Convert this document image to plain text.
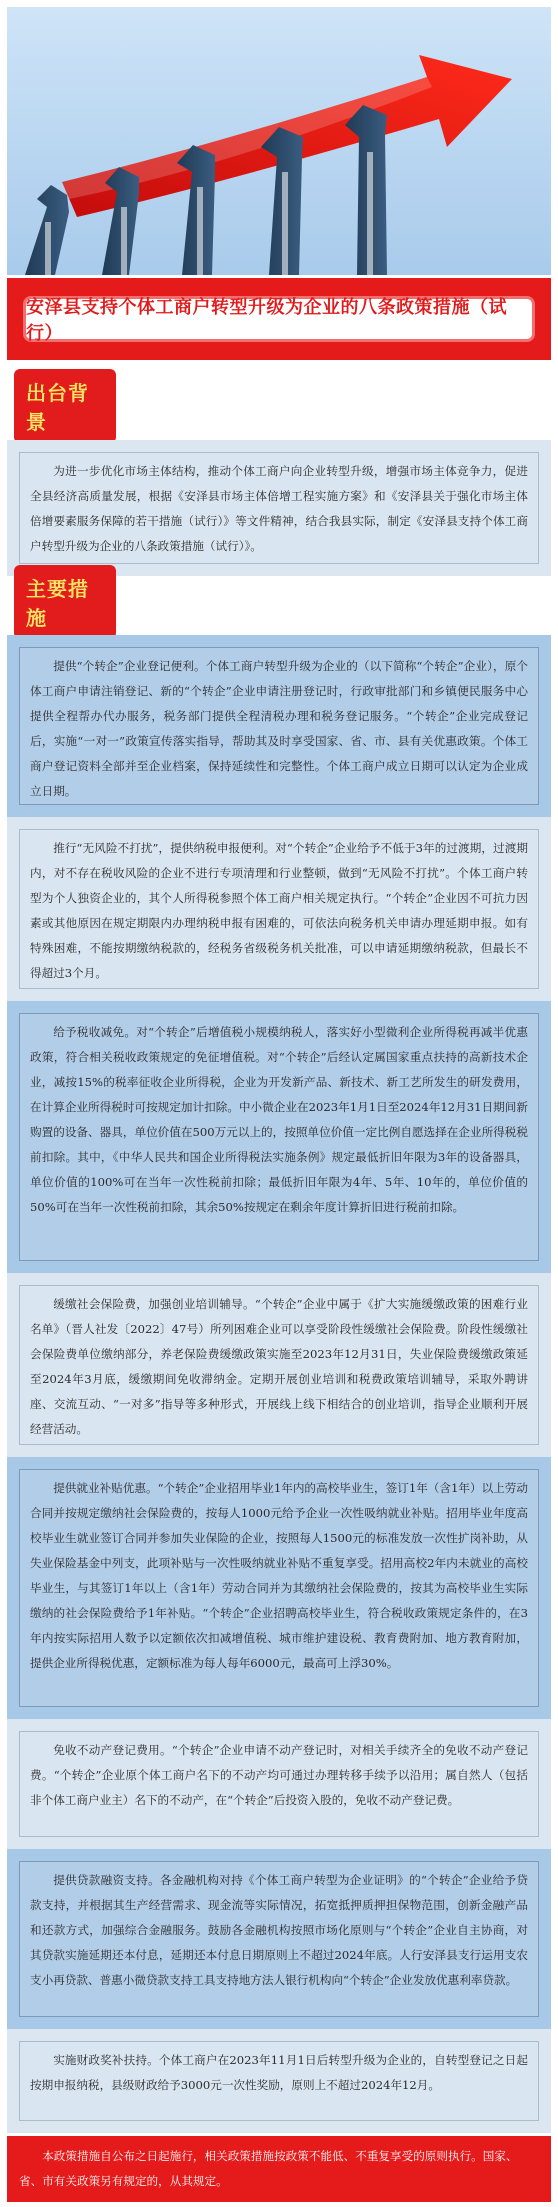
安泽县支持个体工商户转型升级为企业的八条政策措施（试行）
出台背景

为进一步优化市场主体结构，推动个体工商户向企业转型升级，增强市场主体竞争力，促进全县经济高质量发展，根据《安泽县市场主体倍增工程实施方案》和《安泽县关于强化市场主体倍增要素服务保障的若干措施（试行）》等文件精神，结合我县实际，制定《安泽县支持个体工商户转型升级为企业的八条政策措施（试行）》。

主要措施

提供“个转企”企业登记便利。个体工商户转型升级为企业的（以下简称“个转企”企业），原个体工商户申请注销登记、新的“个转企”企业申请注册登记时，行政审批部门和乡镇便民服务中心提供全程帮办代办服务，税务部门提供全程清税办理和税务登记服务。“个转企”企业完成登记后，实施“一对一”政策宣传落实指导，帮助其及时享受国家、省、市、县有关优惠政策。个体工商户登记资料全部并至企业档案，保持延续性和完整性。个体工商户成立日期可以认定为企业成立日期。

推行“无风险不打扰”，提供纳税申报便利。对“个转企”企业给予不低于3年的过渡期，过渡期内，对不存在税收风险的企业不进行专项清理和行业整顿，做到“无风险不打扰”。个体工商户转型为个人独资企业的，其个人所得税参照个体工商户相关规定执行。“个转企”企业因不可抗力因素或其他原因在规定期限内办理纳税申报有困难的，可依法向税务机关申请办理延期申报。如有特殊困难，不能按期缴纳税款的，经税务省级税务机关批准，可以申请延期缴纳税款，但最长不得超过3个月。

给予税收减免。对“个转企”后增值税小规模纳税人，落实好小型微利企业所得税再减半优惠政策，符合相关税收政策规定的免征增值税。对“个转企”后经认定属国家重点扶持的高新技术企业，减按15%的税率征收企业所得税，企业为开发新产品、新技术、新工艺所发生的研发费用，在计算企业所得税时可按规定加计扣除。中小微企业在2023年1月1日至2024年12月31日期间新购置的设备、器具，单位价值在500万元以上的，按照单位价值一定比例自愿选择在企业所得税税前扣除。其中，《中华人民共和国企业所得税法实施条例》规定最低折旧年限为3年的设备器具，单位价值的100%可在当年一次性税前扣除；最低折旧年限为4年、5年、10年的，单位价值的50%可在当年一次性税前扣除，其余50%按规定在剩余年度计算折旧进行税前扣除。

缓缴社会保险费，加强创业培训辅导。“个转企”企业中属于《扩大实施缓缴政策的困难行业名单》（晋人社发〔2022〕47号）所列困难企业可以享受阶段性缓缴社会保险费。阶段性缓缴社会保险费单位缴纳部分，养老保险费缓缴政策实施至2023年12月31日，失业保险费缓缴政策延至2024年3月底，缓缴期间免收滞纳金。定期开展创业培训和税费政策培训辅导，采取外聘讲座、交流互动、“一对多”指导等多种形式，开展线上线下相结合的创业培训，指导企业顺利开展经营活动。

提供就业补贴优惠。“个转企”企业招用毕业1年内的高校毕业生，签订1年（含1年）以上劳动合同并按规定缴纳社会保险费的，按每人1000元给予企业一次性吸纳就业补贴。招用毕业年度高校毕业生就业签订合同并参加失业保险的企业，按照每人1500元的标准发放一次性扩岗补助，从失业保险基金中列支，此项补贴与一次性吸纳就业补贴不重复享受。招用高校2年内未就业的高校毕业生，与其签订1年以上（含1年）劳动合同并为其缴纳社会保险费的，按其为高校毕业生实际缴纳的社会保险费给予1年补贴。“个转企”企业招聘高校毕业生，符合税收政策规定条件的，在3年内按实际招用人数予以定额依次扣减增值税、城市维护建设税、教育费附加、地方教育附加，提供企业所得税优惠，定额标准为每人每年6000元，最高可上浮30%。

免收不动产登记费用。“个转企”企业申请不动产登记时，对相关手续齐全的免收不动产登记费。“个转企”企业原个体工商户名下的不动产均可通过办理转移手续予以沿用；属自然人（包括非个体工商户业主）名下的不动产，在“个转企”后投资入股的，免收不动产登记费。

提供贷款融资支持。各金融机构对持《个体工商户转型为企业证明》的“个转企”企业给予贷款支持，并根据其生产经营需求、现金流等实际情况，拓宽抵押质押担保物范围，创新金融产品和还款方式，加强综合金融服务。鼓励各金融机构按照市场化原则与“个转企”企业自主协商，对其贷款实施延期还本付息，延期还本付息日期原则上不超过2024年底。人行安泽县支行运用支农支小再贷款、普惠小微贷款支持工具支持地方法人银行机构向“个转企”企业发放优惠利率贷款。

实施财政奖补扶持。个体工商户在2023年11月1日后转型升级为企业的，自转型登记之日起按期申报纳税，县级财政给予3000元一次性奖励，原则上不超过2024年12月。

本政策措施自公布之日起施行，相关政策措施按政策不能低、不重复享受的原则执行。国家、省、市有关政策另有规定的，从其规定。
